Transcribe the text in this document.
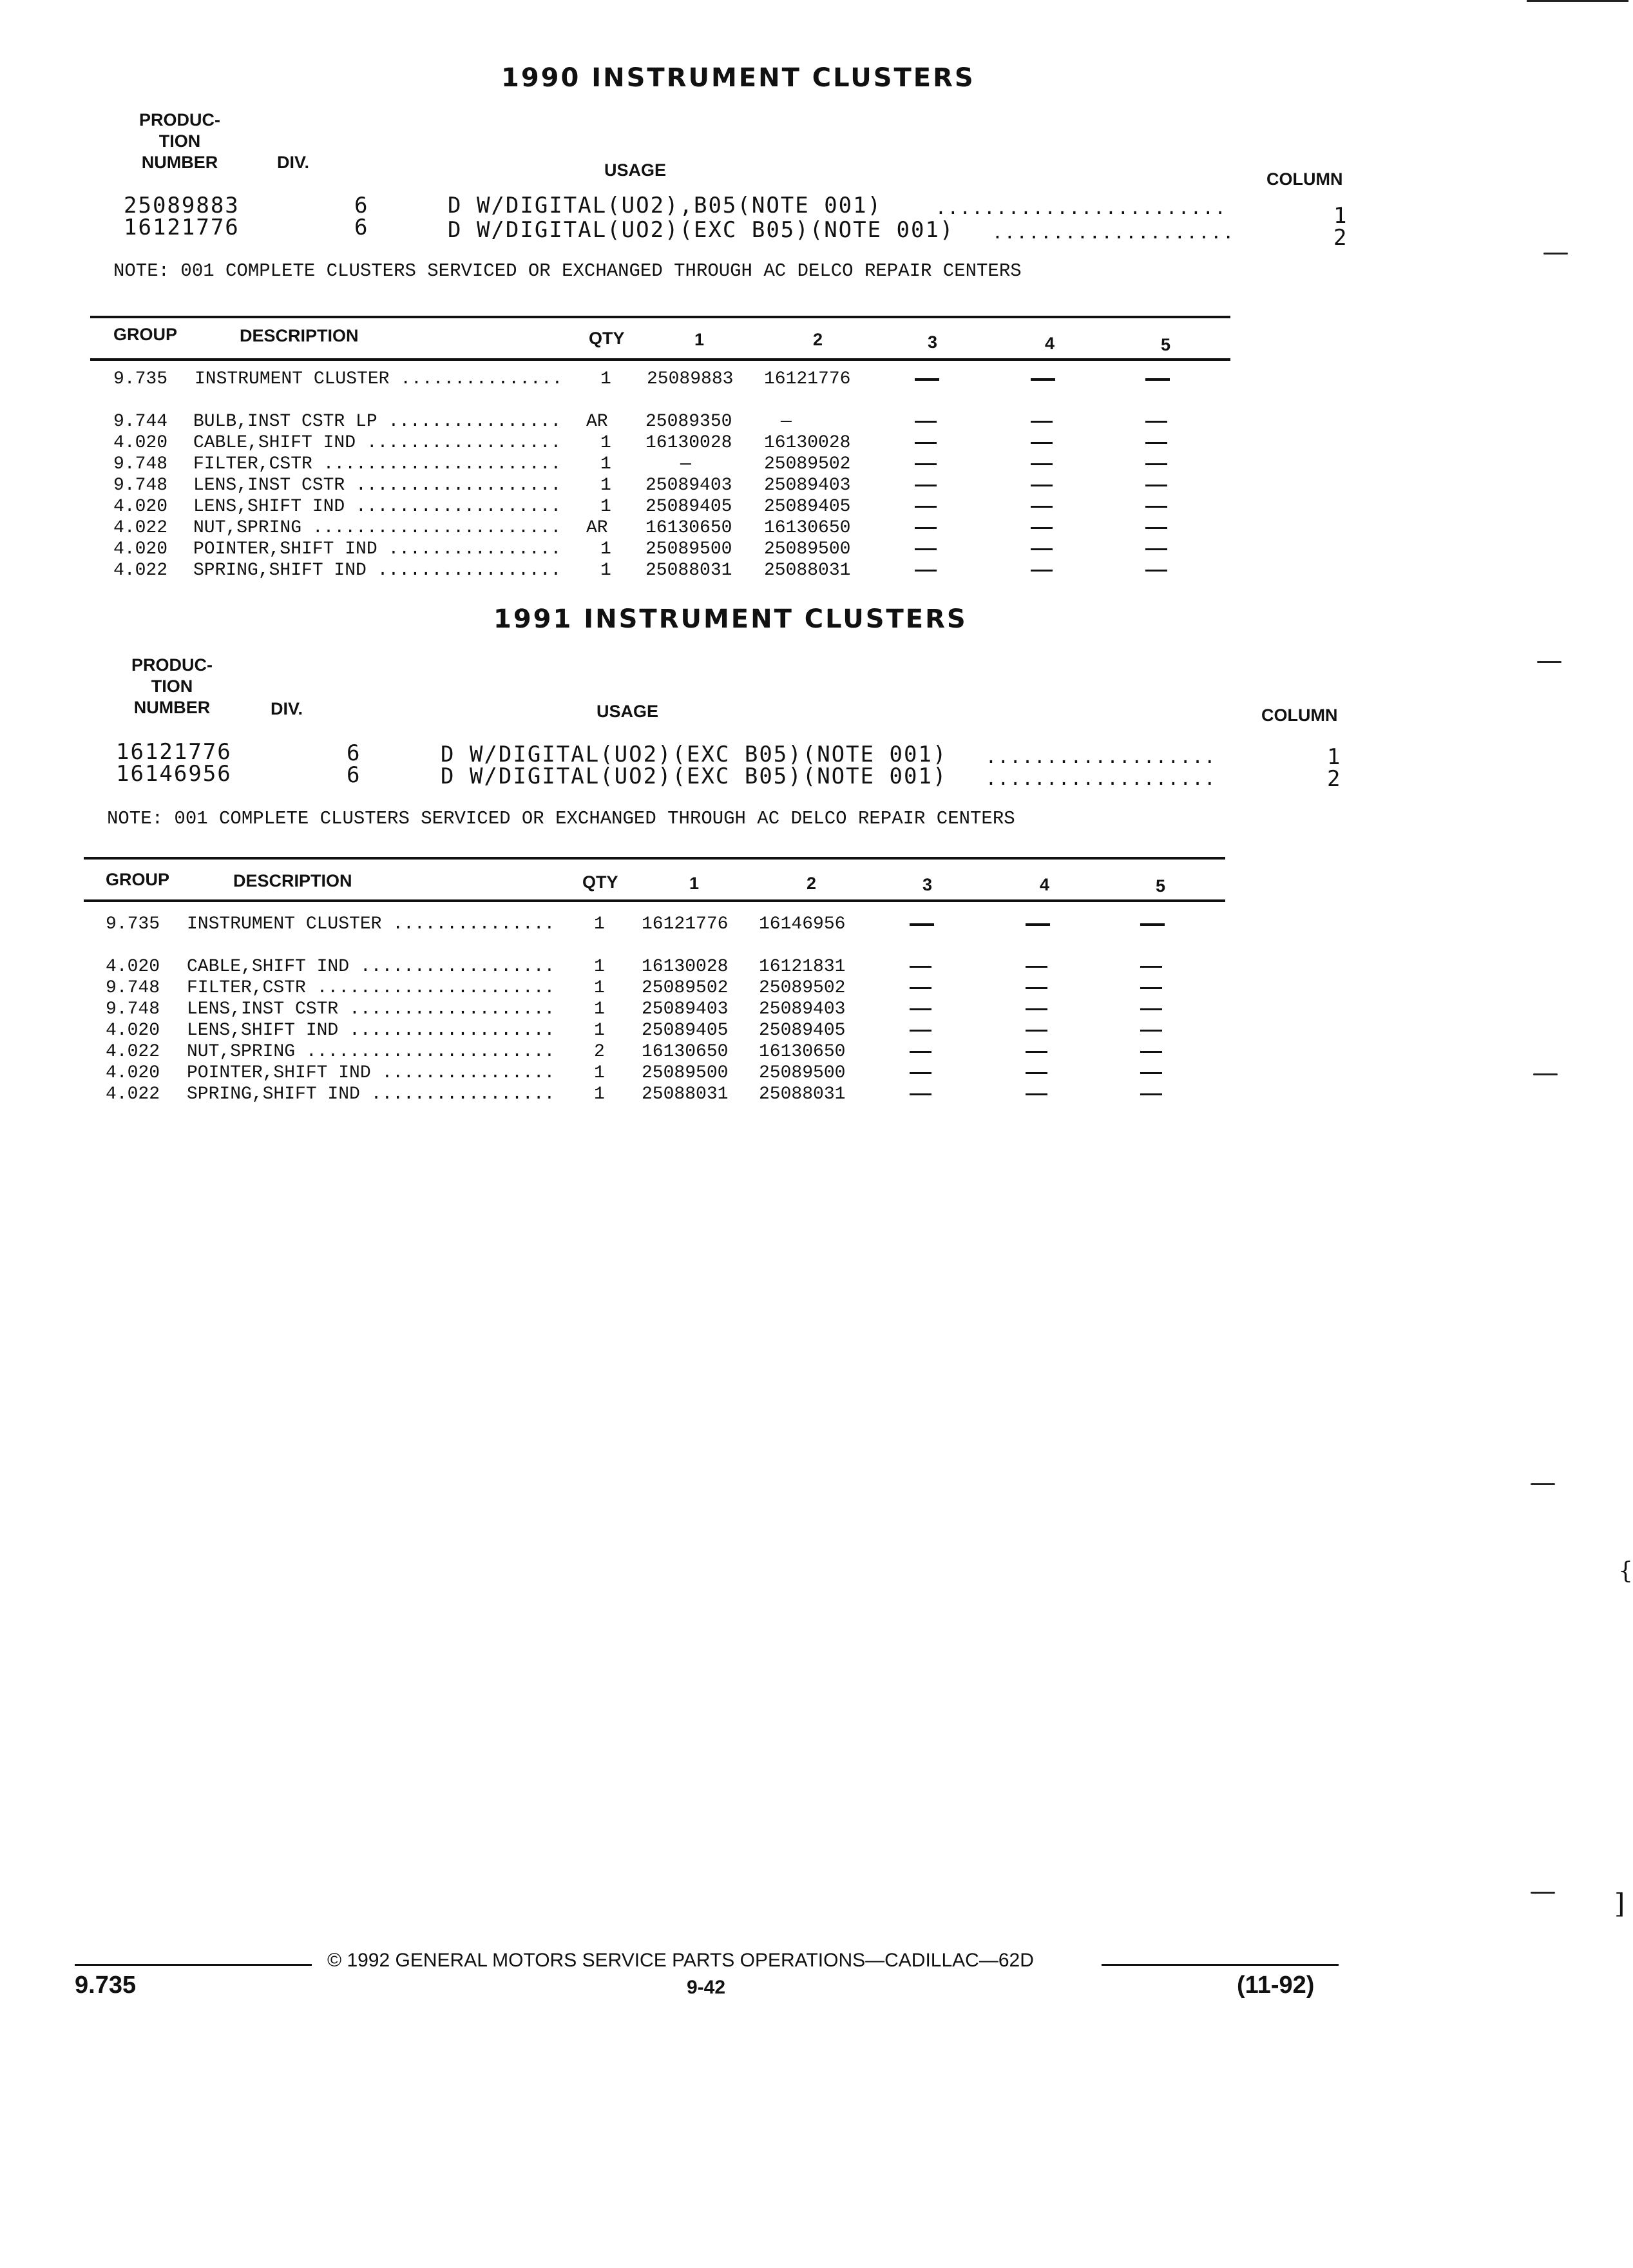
1990 INSTRUMENT CLUSTERS
PRODUC-
TION
NUMBER	DIV.	USAGE	COLUMN
25089883	6	D W/DIGITAL(UO2),B05(NOTE 001)	........................	1
16121776	6	D W/DIGITAL(UO2)(EXC B05)(NOTE 001) ....................	2
NOTE: 001 COMPLETE CLUSTERS SERVICED OR EXCHANGED THROUGH AC DELCO REPAIR CENTERS
GROUP	DESCRIPTION	QTY	1	2	3	4	5
9.735 INSTRUMENT CLUSTER ............... 1 25089883 16121776
9.744 BULB,INST CSTR LP ................ AR 25089350	—
4.020 CABLE,SHIFT IND .................. 1 16130028 16130028
9.748 FILTER,CSTR ...................... 1	—	25089502
9.748 LENS,INST CSTR ................... 1 25089403 25089403
4.020 LENS,SHIFT IND ................... 1 25089405 25089405
4.022 NUT,SPRING ....................... AR 16130650 16130650
4.020 POINTER,SHIFT IND ................ 1 25089500 25089500
4.022 SPRING,SHIFT IND ................. 1 25088031 25088031
1991 INSTRUMENT CLUSTERS
PRODUC-
TION
NUMBER	DIV.	USAGE	COLUMN
16121776	6	D W/DIGITAL(UO2)(EXC B05)(NOTE 001) ...................	1
16146956	6	D W/DIGITAL(UO2)(EXC B05)(NOTE 001) ...................	2
NOTE: 001 COMPLETE CLUSTERS SERVICED OR EXCHANGED THROUGH AC DELCO REPAIR CENTERS
GROUP	DESCRIPTION	QTY	1	2	3	4	5
9.735 INSTRUMENT CLUSTER ............... 1 16121776 16146956
4.020 CABLE,SHIFT IND .................. 1 16130028 16121831
9.748 FILTER,CSTR ...................... 1 25089502 25089502
9.748 LENS,INST CSTR ................... 1 25089403 25089403
4.020 LENS,SHIFT IND ................... 1 25089405 25089405
4.022 NUT,SPRING ....................... 2 16130650 16130650
4.020 POINTER,SHIFT IND ................ 1 25089500 25089500
4.022 SPRING,SHIFT IND ................. 1 25088031 25088031
{
]
© 1992 GENERAL MOTORS SERVICE PARTS OPERATIONS—CADILLAC—62D
9.735	9-42	(11-92)
